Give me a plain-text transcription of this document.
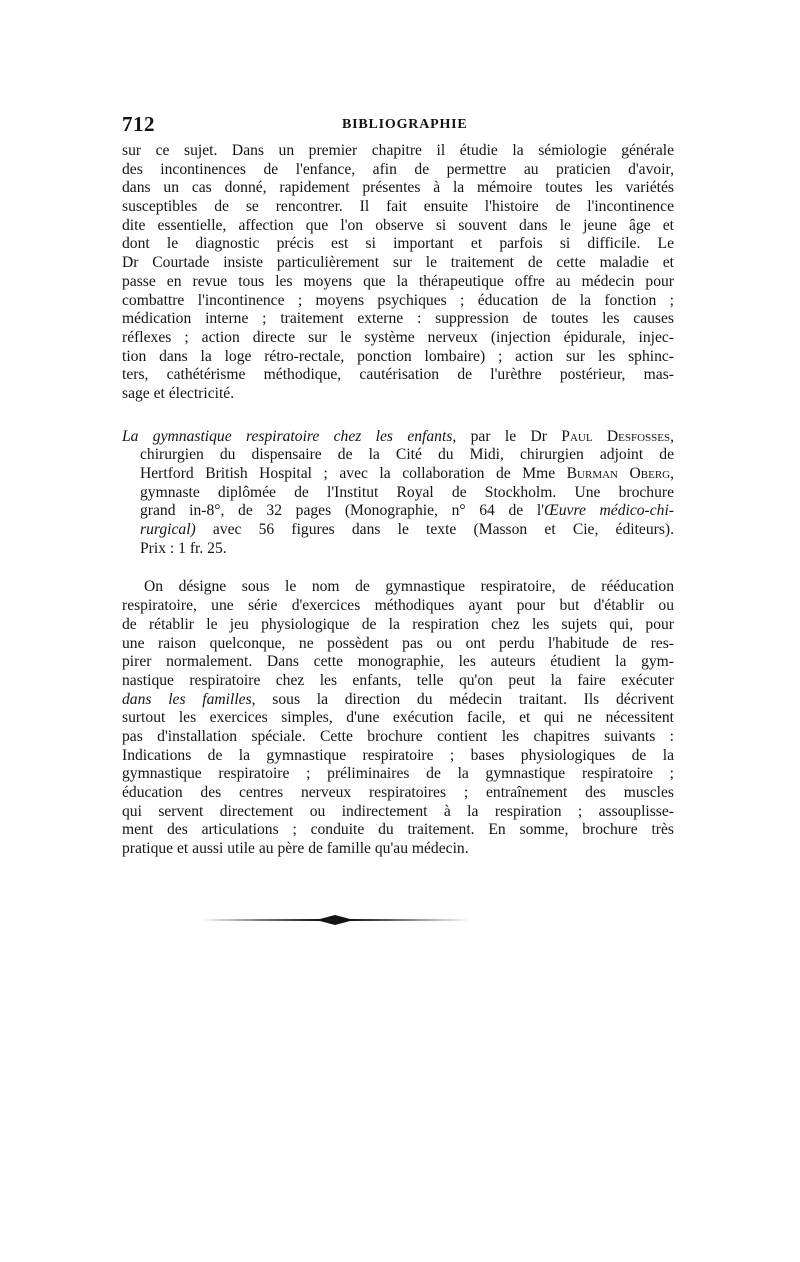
712	BIBLIOGRAPHIE
sur ce sujet. Dans un premier chapitre il étudie la sémiologie générale
des incontinences de l'enfance, afin de permettre au praticien d'avoir,
dans un cas donné, rapidement présentes à la mémoire toutes les variétés
susceptibles de se rencontrer. Il fait ensuite l'histoire de l'incontinence
dite essentielle, affection que l'on observe si souvent dans le jeune âge et
dont le diagnostic précis est si important et parfois si difficile. Le
Dr Courtade insiste particulièrement sur le traitement de cette maladie et
passe en revue tous les moyens que la thérapeutique offre au médecin pour
combattre l'incontinence ; moyens psychiques ; éducation de la fonction ;
médication interne ; traitement externe : suppression de toutes les causes
réflexes ; action directe sur le système nerveux (injection épidurale, injec-
tion dans la loge rétro-rectale, ponction lombaire) ; action sur les sphinc-
ters, cathétérisme méthodique, cautérisation de l'urèthre postérieur, mas-
sage et électricité.
La gymnastique respiratoire chez les enfants, par le Dr Paul Desfosses,
chirurgien du dispensaire de la Cité du Midi, chirurgien adjoint de
Hertford British Hospital ; avec la collaboration de Mme Burman Oberg,
gymnaste diplômée de l'Institut Royal de Stockholm. Une brochure
grand in-8°, de 32 pages (Monographie, n° 64 de l'Œuvre médico-chi-
rurgical) avec 56 figures dans le texte (Masson et Cie, éditeurs).
Prix : 1 fr. 25.
On désigne sous le nom de gymnastique respiratoire, de rééducation
respiratoire, une série d'exercices méthodiques ayant pour but d'établir ou
de rétablir le jeu physiologique de la respiration chez les sujets qui, pour
une raison quelconque, ne possèdent pas ou ont perdu l'habitude de res-
pirer normalement. Dans cette monographie, les auteurs étudient la gym-
nastique respiratoire chez les enfants, telle qu'on peut la faire exécuter
dans les familles, sous la direction du médecin traitant. Ils décrivent
surtout les exercices simples, d'une exécution facile, et qui ne nécessitent
pas d'installation spéciale. Cette brochure contient les chapitres suivants :
Indications de la gymnastique respiratoire ; bases physiologiques de la
gymnastique respiratoire ; préliminaires de la gymnastique respiratoire ;
éducation des centres nerveux respiratoires ; entraînement des muscles
qui servent directement ou indirectement à la respiration ; assouplisse-
ment des articulations ; conduite du traitement. En somme, brochure très
pratique et aussi utile au père de famille qu'au médecin.
